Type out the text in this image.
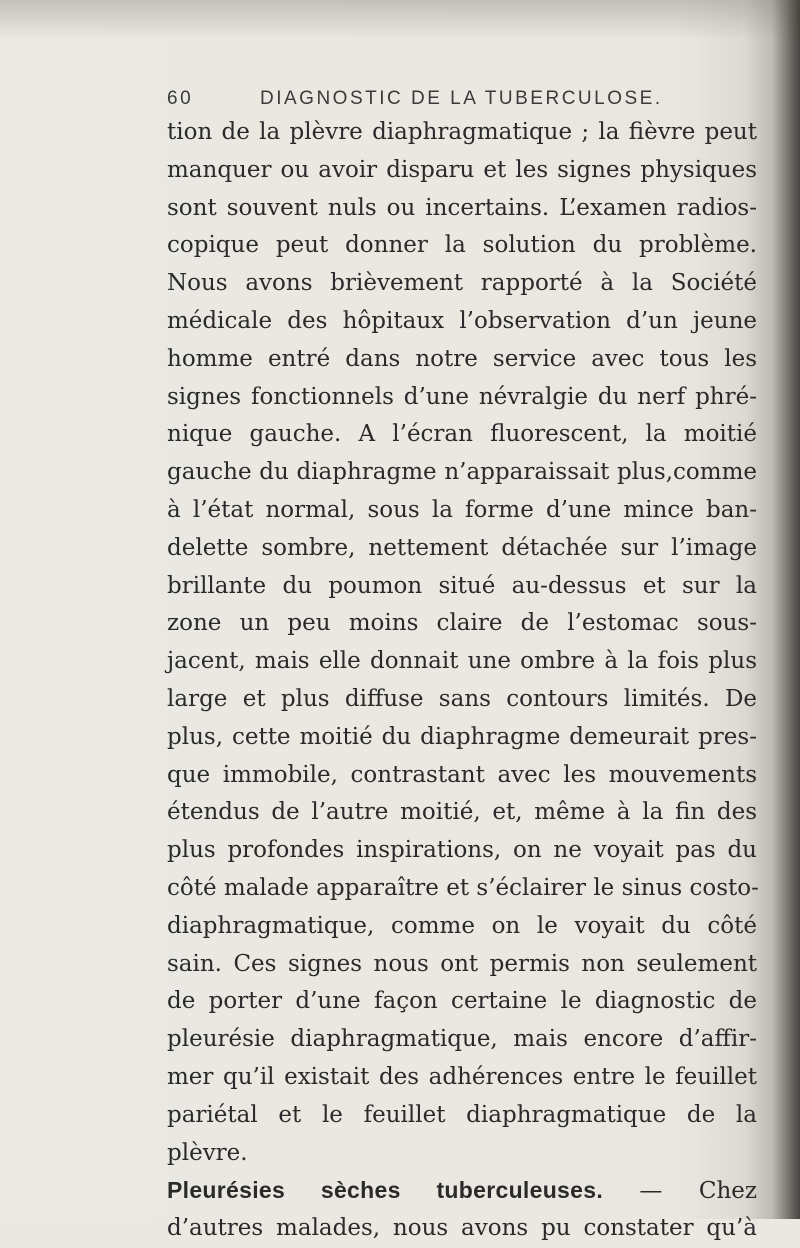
60	DIAGNOSTIC DE LA TUBERCULOSE.
tion de la plèvre diaphragmatique ; la fièvre peut
manquer ou avoir disparu et les signes physiques
sont souvent nuls ou incertains. L’examen radios-
copique peut donner la solution du problème.
Nous avons brièvement rapporté à la Société
médicale des hôpitaux l’observation d’un jeune
homme entré dans notre service avec tous les
signes fonctionnels d’une névralgie du nerf phré-
nique gauche. A l’écran fluorescent, la moitié
gauche du diaphragme n’apparaissait plus,comme
à l’état normal, sous la forme d’une mince ban-
delette sombre, nettement détachée sur l’image
brillante du poumon situé au-dessus et sur la
zone un peu moins claire de l’estomac sous-
jacent, mais elle donnait une ombre à la fois plus
large et plus diffuse sans contours limités. De
plus, cette moitié du diaphragme demeurait pres-
que immobile, contrastant avec les mouvements
étendus de l’autre moitié, et, même à la fin des
plus profondes inspirations, on ne voyait pas du
côté malade apparaître et s’éclairer le sinus costo-
diaphragmatique, comme on le voyait du côté
sain. Ces signes nous ont permis non seulement
de porter d’une façon certaine le diagnostic de
pleurésie diaphragmatique, mais encore d’affir-
mer qu’il existait des adhérences entre le feuillet
pariétal et le feuillet diaphragmatique de la
plèvre.
Pleurésies sèches tuberculeuses. — Chez
d’autres malades, nous avons pu constater qu’à
